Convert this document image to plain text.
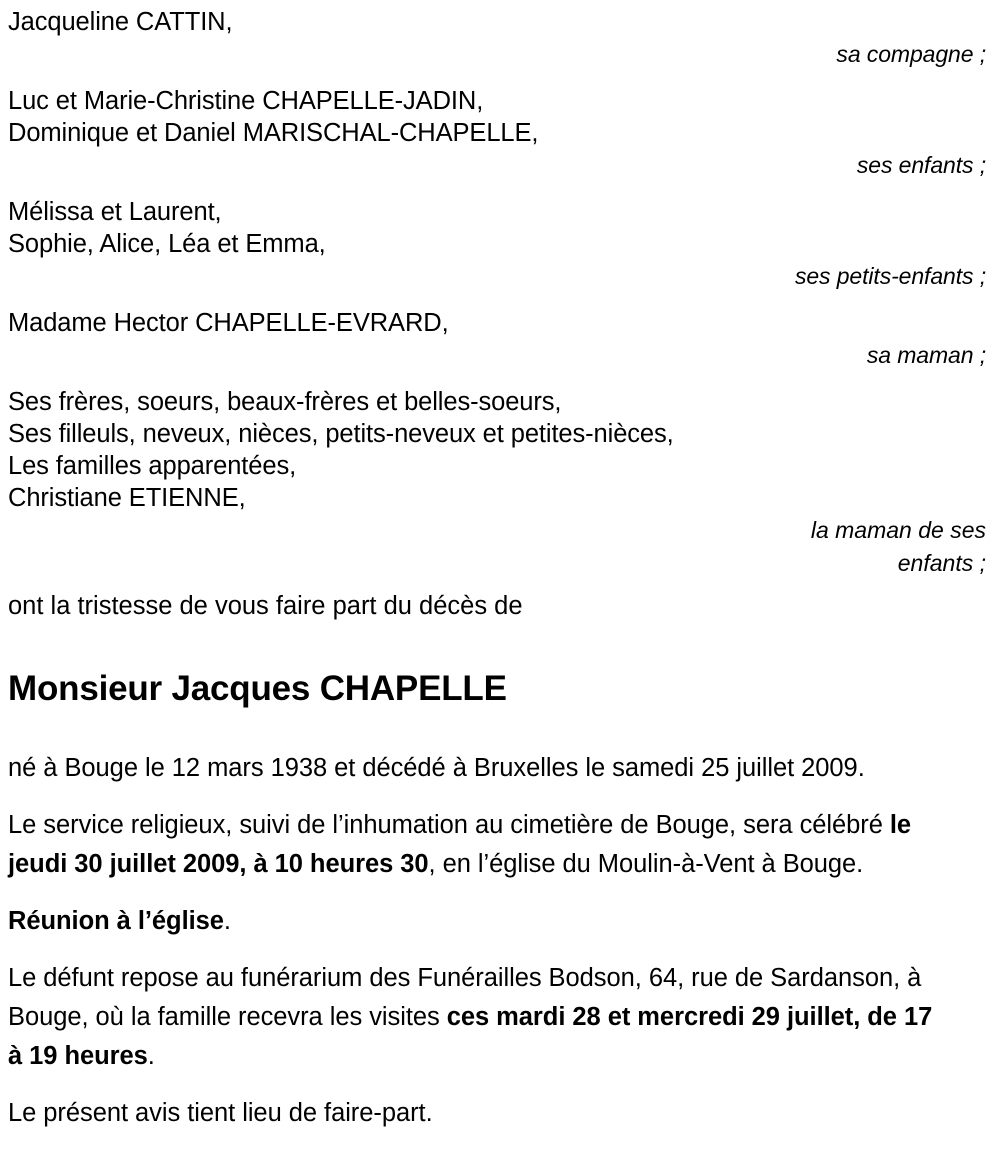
Jacqueline CATTIN,
sa compagne ;
Luc et Marie-Christine CHAPELLE-JADIN,
Dominique et Daniel MARISCHAL-CHAPELLE,
ses enfants ;
Mélissa et Laurent,
Sophie, Alice, Léa et Emma,
ses petits-enfants ;
Madame Hector CHAPELLE-EVRARD,
sa maman ;
Ses frères, soeurs, beaux-frères et belles-soeurs,
Ses filleuls, neveux, nièces, petits-neveux et petites-nièces,
Les familles apparentées,
Christiane ETIENNE,
la maman de ses enfants ;
ont la tristesse de vous faire part du décès de
Monsieur Jacques CHAPELLE

né à Bouge le 12 mars 1938 et décédé à Bruxelles le samedi 25 juillet 2009.

Le service religieux, suivi de l’inhumation au cimetière de Bouge, sera célébré le jeudi 30 juillet 2009, à 10 heures 30, en l’église du Moulin-à-Vent à Bouge.

Réunion à l’église.

Le défunt repose au funérarium des Funérailles Bodson, 64, rue de Sardanson, à Bouge, où la famille recevra les visites ces mardi 28 et mercredi 29 juillet, de 17 à 19 heures.

Le présent avis tient lieu de faire-part.
